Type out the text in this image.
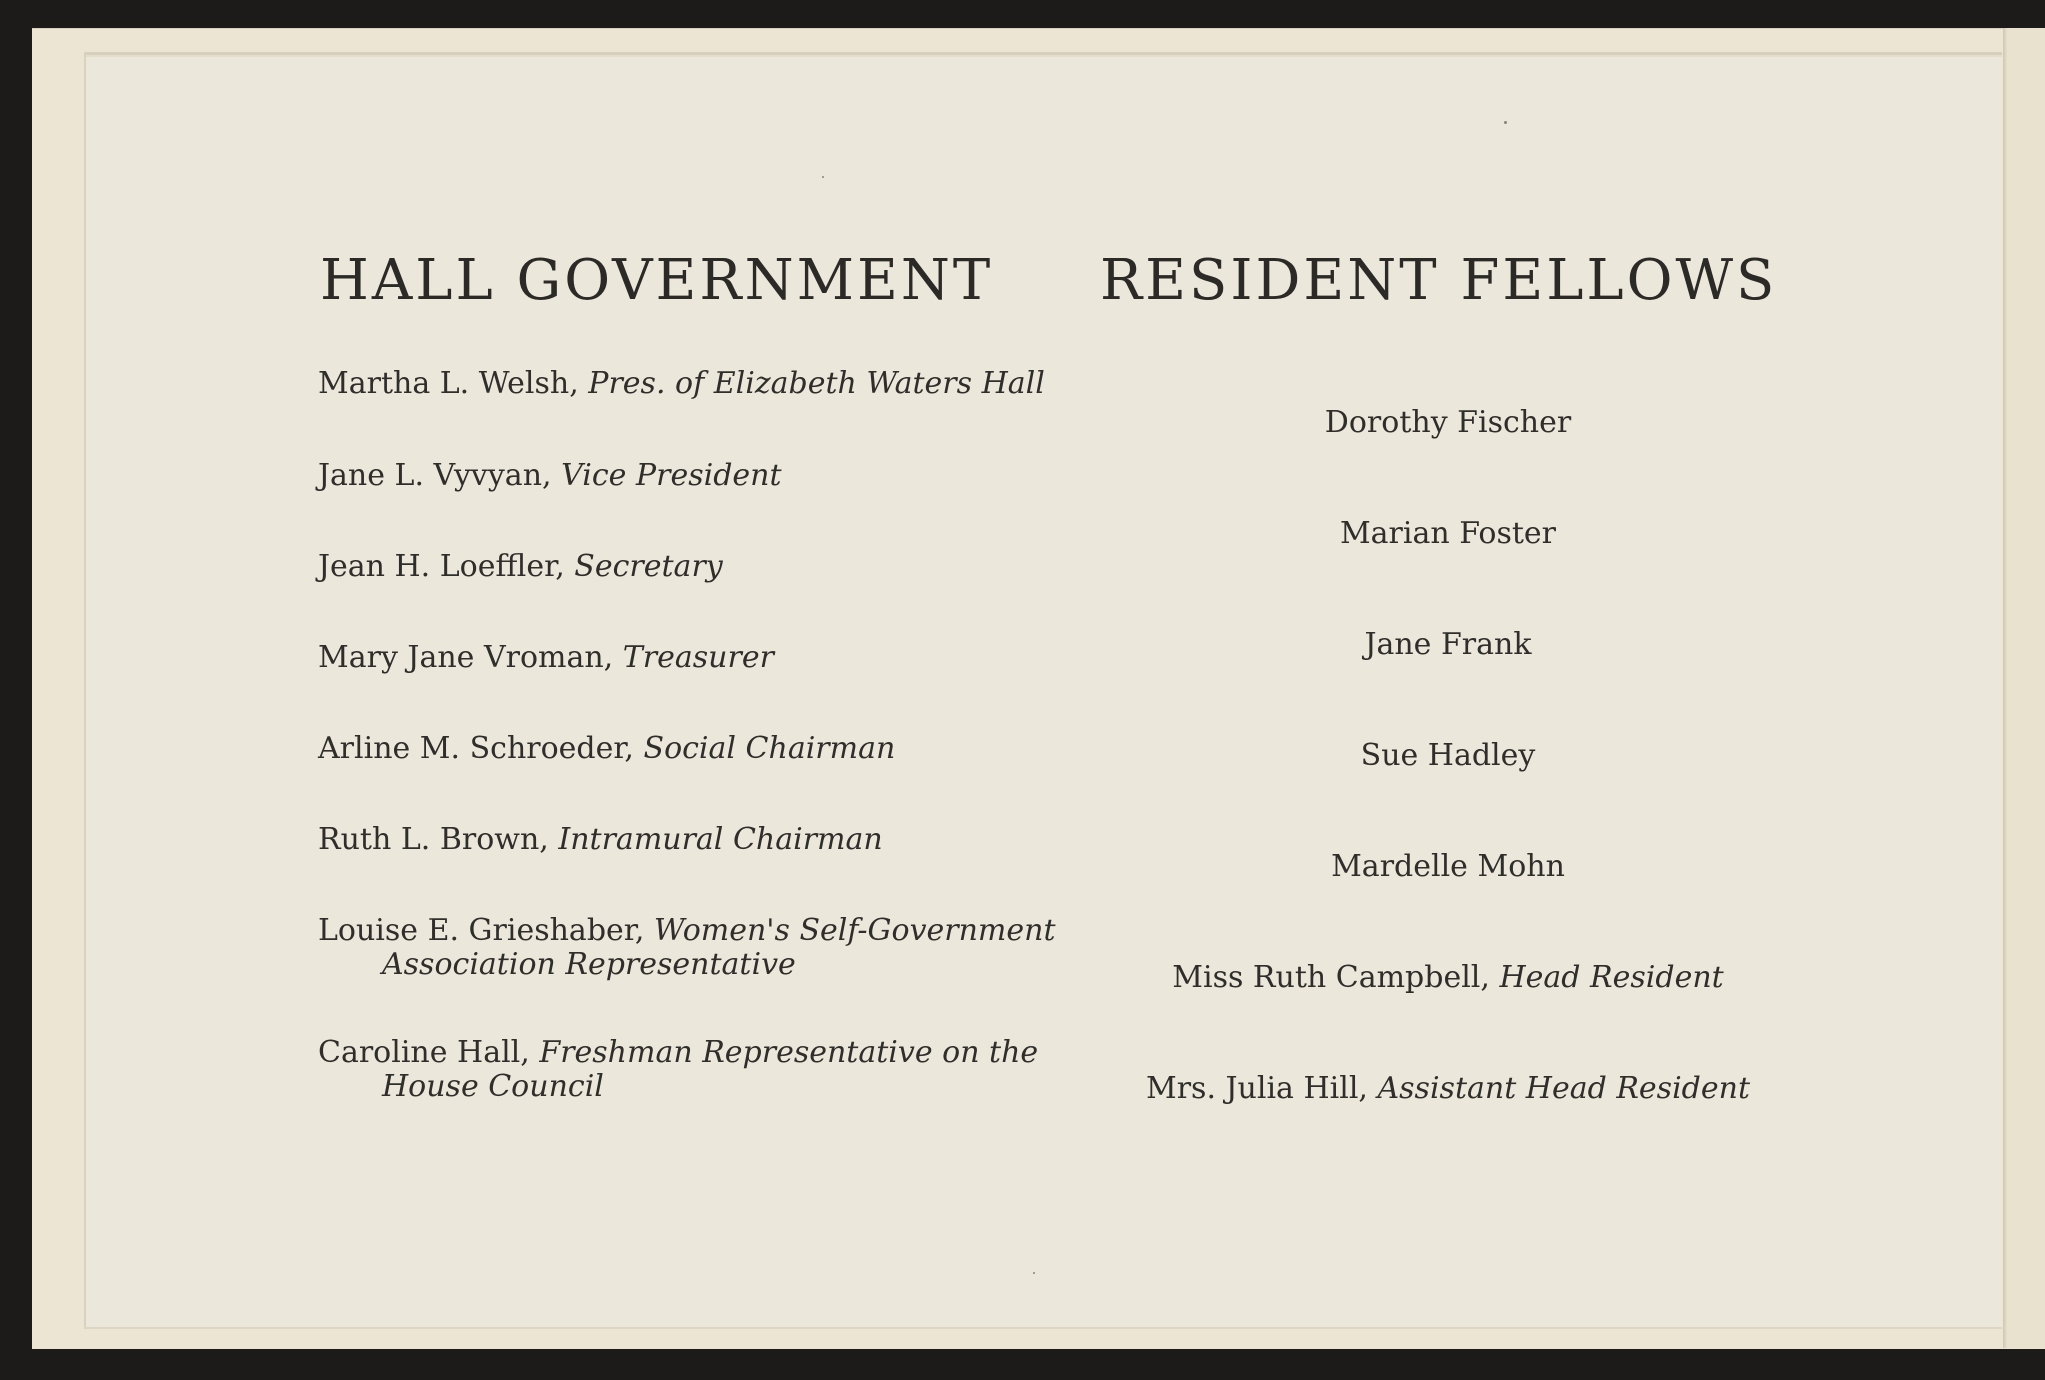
HALL GOVERNMENT RESIDENT FELLOWS
Martha L. Welsh, Pres. of Elizabeth Waters Hall
Jane L. Vyvyan, Vice President
Jean H. Loeffler, Secretary
Mary Jane Vroman, Treasurer
Arline M. Schroeder, Social Chairman
Ruth L. Brown, Intramural Chairman
Louise E. Grieshaber, Women's Self-Government
Association Representative
Caroline Hall, Freshman Representative on the
House Council
Dorothy Fischer
Marian Foster
Jane Frank
Sue Hadley
Mardelle Mohn
Miss Ruth Campbell, Head Resident
Mrs. Julia Hill, Assistant Head Resident
